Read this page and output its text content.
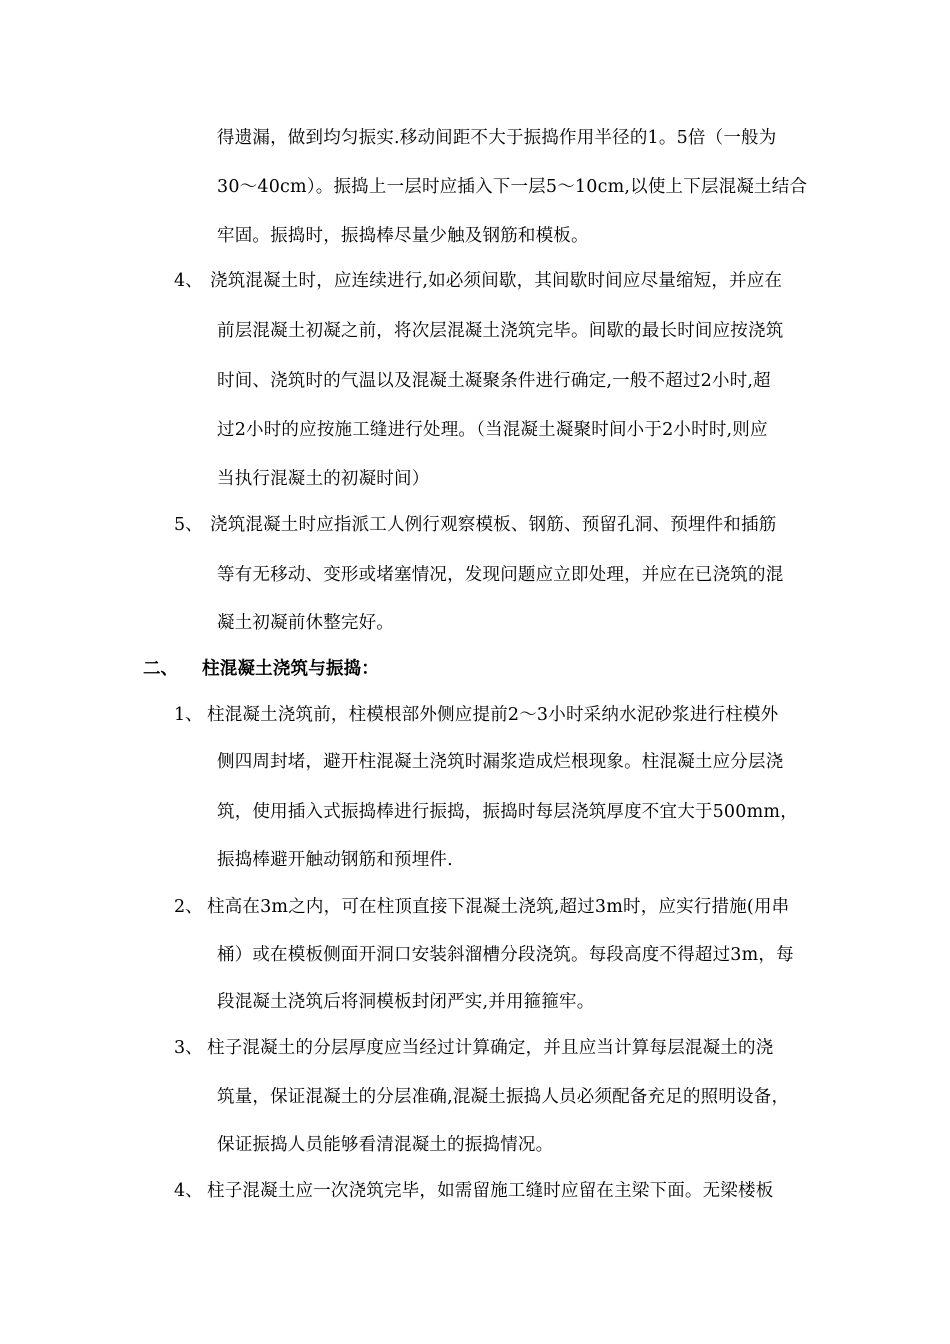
得遗漏，做到均匀振实.移动间距不大于振捣作用半径的1。5倍（一般为
30～40cm）。振捣上一层时应插入下一层5～10cm,以使上下层混凝土结合
牢固。振捣时，振捣棒尽量少触及钢筋和模板。
4、 浇筑混凝土时，应连续进行,如必须间歇，其间歇时间应尽量缩短，并应在
前层混凝土初凝之前，将次层混凝土浇筑完毕。间歇的最长时间应按浇筑
时间、浇筑时的气温以及混凝土凝聚条件进行确定,一般不超过2小时,超
过2小时的应按施工缝进行处理。（当混凝土凝聚时间小于2小时时,则应
当执行混凝土的初凝时间）
5、 浇筑混凝土时应指派工人例行观察模板、钢筋、预留孔洞、预埋件和插筋
等有无移动、变形或堵塞情况，发现问题应立即处理，并应在已浇筑的混
凝土初凝前休整完好。
二、 柱混凝土浇筑与振捣：
1、 柱混凝土浇筑前，柱模根部外侧应提前2～3小时采纳水泥砂浆进行柱模外
侧四周封堵，避开柱混凝土浇筑时漏浆造成烂根现象。柱混凝土应分层浇
筑，使用插入式振捣棒进行振捣，振捣时每层浇筑厚度不宜大于500mm，
振捣棒避开触动钢筋和预埋件.
2、 柱高在3m之内，可在柱顶直接下混凝土浇筑,超过3m时，应实行措施(用串
桶）或在模板侧面开洞口安装斜溜槽分段浇筑。每段高度不得超过3m，每
段混凝土浇筑后将洞模板封闭严实,并用箍箍牢。
3、 柱子混凝土的分层厚度应当经过计算确定，并且应当计算每层混凝土的浇
筑量，保证混凝土的分层准确,混凝土振捣人员必须配备充足的照明设备，
保证振捣人员能够看清混凝土的振捣情况。
4、 柱子混凝土应一次浇筑完毕，如需留施工缝时应留在主梁下面。无梁楼板
